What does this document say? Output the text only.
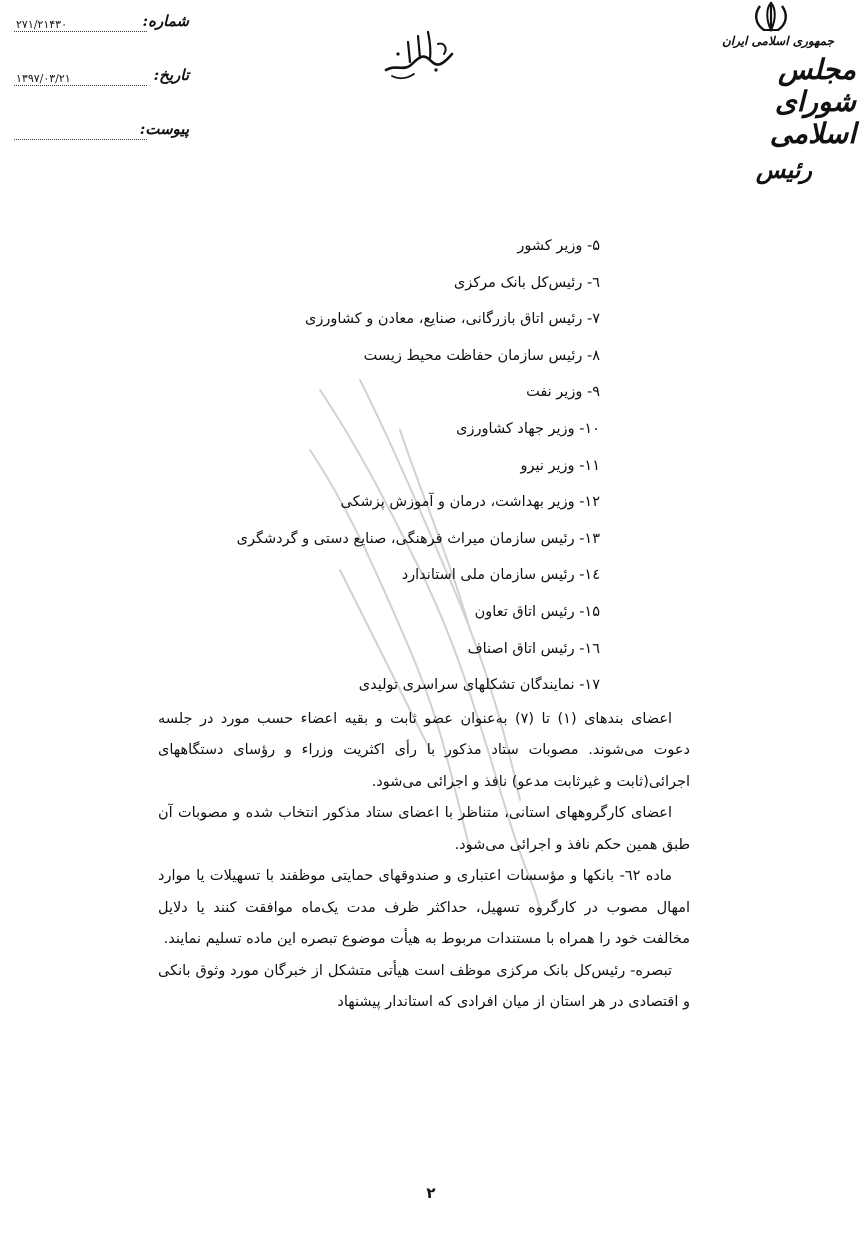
شماره:
۲۷۱/۲۱۴۳۰
تاریخ:
۱۳۹۷/۰۳/۲۱
پیوست:
جمهوری اسلامی ایران
مجلس شورای اسلامی
رئیس
۵- وزیر کشور
٦- رئیس‌کل بانک مرکزی
۷- رئیس اتاق بازرگانی، صنایع، معادن و کشاورزی
۸- رئیس سازمان حفاظت محیط زیست
۹- وزیر نفت
۱۰- وزیر جهاد کشاورزی
۱۱- وزیر نیرو
۱۲- وزیر بهداشت، درمان و آموزش پزشکی
۱۳- رئیس سازمان میراث فرهنگی، صنایع دستی و گردشگری
١٤- رئیس سازمان ملی استاندارد
۱۵- رئیس اتاق تعاون
١٦- رئیس اتاق اصناف
۱۷- نمایندگان تشکلهای سراسری تولیدی

اعضای بندهای (۱) تا (۷) به‌عنوان عضو ثابت و بقیه اعضاء حسب مورد در جلسه دعوت می‌شوند. مصوبات ستاد مذکور با رأی اکثریت وزراء و رؤسای دستگاههای اجرائی(ثابت و غیرثابت مدعو) نافذ و اجرائی می‌شود.

اعضای کارگروههای استانی، متناظر با اعضای ستاد مذکور انتخاب شده و مصوبات آن طبق همین حکم نافذ و اجرائی می‌شود.

ماده ٦٢- بانکها و مؤسسات اعتباری و صندوقهای حمایتی موظفند با تسهیلات یا موارد امهال مصوب در کارگروه تسهیل، حداکثر ظرف مدت یک‌ماه موافقت کنند یا دلایل مخالفت خود را همراه با مستندات مربوط به هیأت موضوع تبصره این ماده تسلیم نمایند.

تبصره- رئیس‌کل بانک مرکزی موظف است هیأتی متشکل از خبرگان مورد وثوق بانکی و اقتصادی در هر استان از میان افرادی که استاندار پیشنهاد

۲
